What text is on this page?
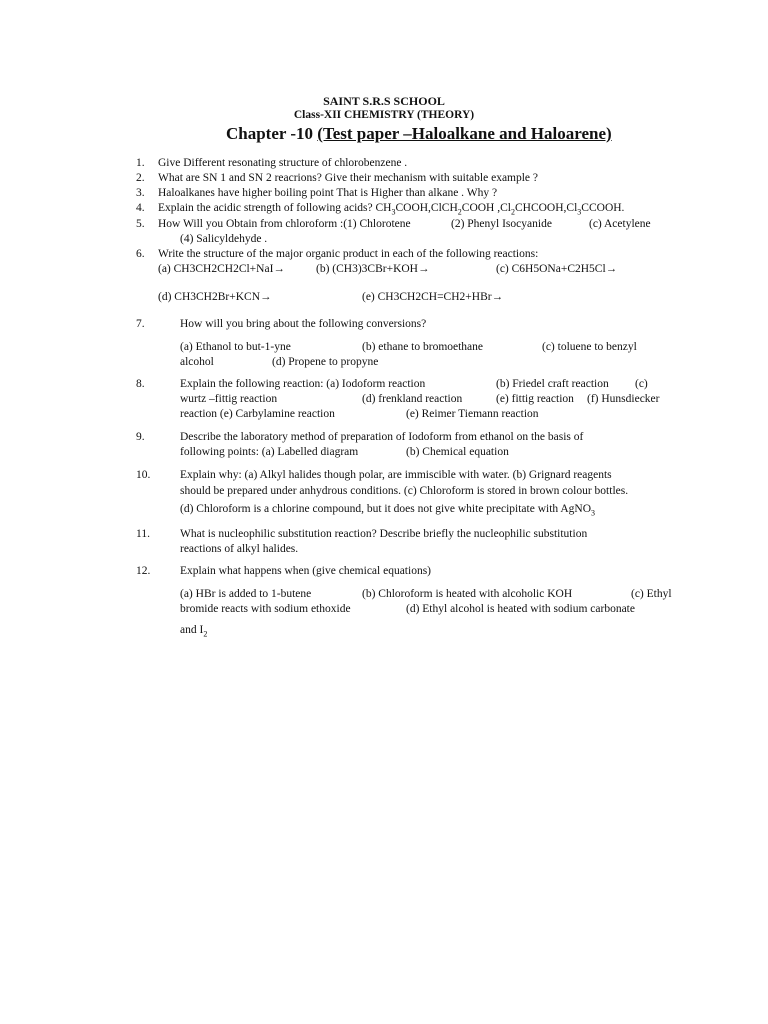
SAINT S.R.S SCHOOL
Class-XII CHEMISTRY (THEORY)
Chapter -10 (Test paper –Haloalkane and Haloarene)
1. Give Different resonating structure of chlorobenzene .
2. What are SN 1 and SN 2 reacrions? Give their mechanism with suitable example ?
3. Haloalkanes have higher boiling point That is Higher than alkane . Why ?
4. Explain the acidic strength of following acids? $CH_3COOH,ClCH_2COOH$ $,Cl_2CHCOOH,Cl_3CCOOH$.
5. How Will you Obtain from chloroform :(1) Chlorotene	(2) Phenyl Isocyanide	(c) Acetylene
(4) Salicyldehyde .
6. Write the structure of the major organic product in each of the following reactions:
(a) CH3CH2CH2Cl+NaI→	(b) (CH3)3CBr+KOH→	(c) C6H5ONa+C2H5Cl→
(d) CH3CH2Br+KCN→	(e) CH3CH2CH=CH2+HBr→
7.	How will you bring about the following conversions?
(a) Ethanol to but-1-yne	(b) ethane to bromoethane	(c) toluene to benzyl
alcohol	(d) Propene to propyne
8.	Explain the following reaction: (a) Iodoform reaction	(b) Friedel craft reaction (c)
wurtz –fittig reaction	(d) frenkland reaction	(e) fittig reaction (f) Hunsdiecker
reaction (e) Carbylamine reaction	(e) Reimer Tiemann reaction
9.	Describe the laboratory method of preparation of Iodoform from ethanol on the basis of
following points: (a) Labelled diagram	(b) Chemical equation
10.	Explain why: (a) Alkyl halides though polar, are immiscible with water. (b) Grignard reagents
should be prepared under anhydrous conditions. (c) Chloroform is stored in brown colour bottles.
(d) Chloroform is a chlorine compound, but it does not give white precipitate with AgNO$_3$
11.	What is nucleophilic substitution reaction? Describe briefly the nucleophilic substitution
reactions of alkyl halides.
12.	Explain what happens when (give chemical equations)
(a) HBr is added to 1-butene	(b) Chloroform is heated with alcoholic KOH	(c) Ethyl
bromide reacts with sodium ethoxide	(d) Ethyl alcohol is heated with sodium carbonate
and $I_2$
